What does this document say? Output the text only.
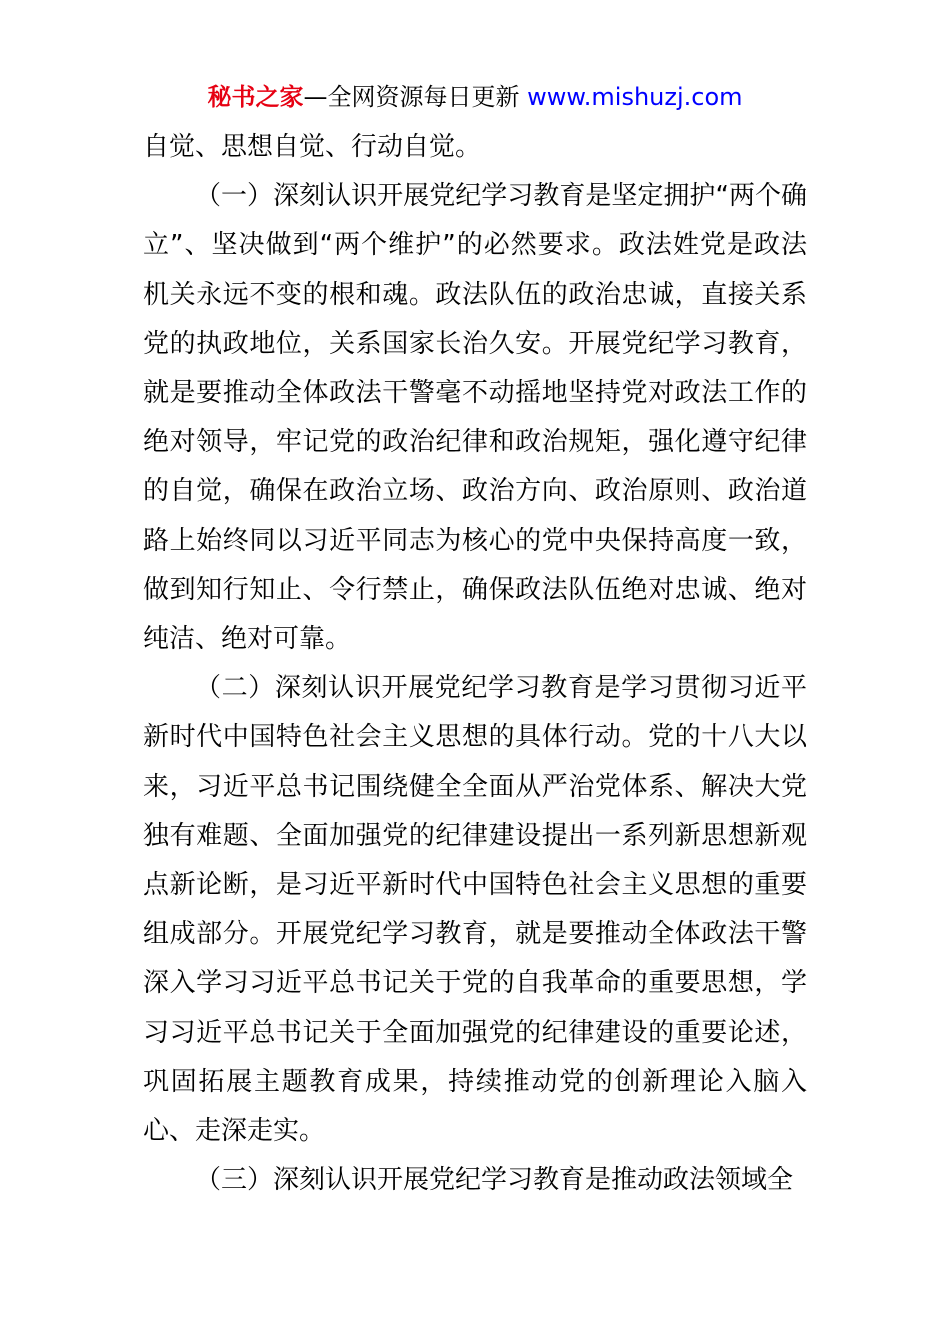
秘书之家—全网资源每日更新 www.mishuzj.com

自觉、思想自觉、行动自觉。

（一）深刻认识开展党纪学习教育是坚定拥护“两个确立”、坚决做到“两个维护”的必然要求。政法姓党是政法机关永远不变的根和魂。政法队伍的政治忠诚，直接关系党的执政地位，关系国家长治久安。开展党纪学习教育，就是要推动全体政法干警毫不动摇地坚持党对政法工作的绝对领导，牢记党的政治纪律和政治规矩，强化遵守纪律的自觉，确保在政治立场、政治方向、政治原则、政治道路上始终同以习近平同志为核心的党中央保持高度一致，做到知行知止、令行禁止，确保政法队伍绝对忠诚、绝对纯洁、绝对可靠。

（二）深刻认识开展党纪学习教育是学习贯彻习近平新时代中国特色社会主义思想的具体行动。党的十八大以来，习近平总书记围绕健全全面从严治党体系、解决大党独有难题、全面加强党的纪律建设提出一系列新思想新观点新论断，是习近平新时代中国特色社会主义思想的重要组成部分。开展党纪学习教育，就是要推动全体政法干警深入学习习近平总书记关于党的自我革命的重要思想，学习习近平总书记关于全面加强党的纪律建设的重要论述，巩固拓展主题教育成果，持续推动党的创新理论入脑入心、走深走实。

（三）深刻认识开展党纪学习教育是推动政法领域全
